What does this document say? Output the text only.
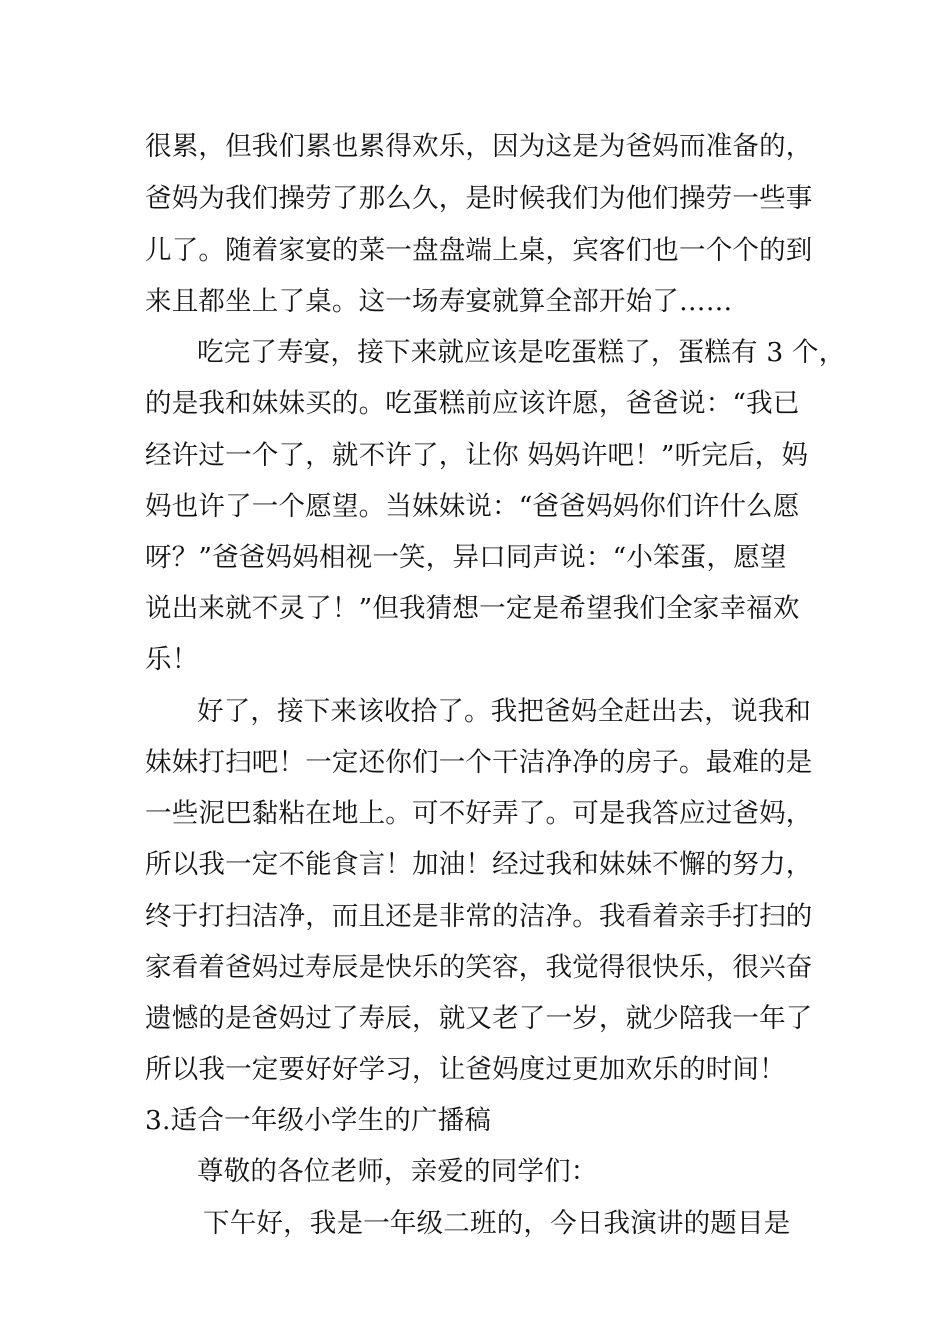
很累，但我们累也累得欢乐，因为这是为爸妈而准备的，
爸妈为我们操劳了那么久，是时候我们为他们操劳一些事
儿了。随着家宴的菜一盘盘端上桌，宾客们也一个个的到
来且都坐上了桌。这一场寿宴就算全部开始了……
吃完了寿宴，接下来就应该是吃蛋糕了，蛋糕有 3 个，
的是我和妹妹买的。吃蛋糕前应该许愿，爸爸说：“我已
经许过一个了，就不许了，让你 妈妈许吧！”听完后，妈
妈也许了一个愿望。当妹妹说：“爸爸妈妈你们许什么愿
呀？”爸爸妈妈相视一笑，异口同声说：“小笨蛋，愿望
说出来就不灵了！”但我猜想一定是希望我们全家幸福欢
乐！
好了，接下来该收拾了。我把爸妈全赶出去，说我和
妹妹打扫吧！一定还你们一个干洁净净的房子。最难的是
一些泥巴黏粘在地上。可不好弄了。可是我答应过爸妈，
所以我一定不能食言！加油！经过我和妹妹不懈的努力，
终于打扫洁净，而且还是非常的洁净。我看着亲手打扫的
家看着爸妈过寿辰是快乐的笑容，我觉得很快乐，很兴奋
遗憾的是爸妈过了寿辰，就又老了一岁，就少陪我一年了
所以我一定要好好学习，让爸妈度过更加欢乐的时间！
3.适合一年级小学生的广播稿
尊敬的各位老师，亲爱的同学们：
下午好，我是一年级二班的，今日我演讲的题目是
